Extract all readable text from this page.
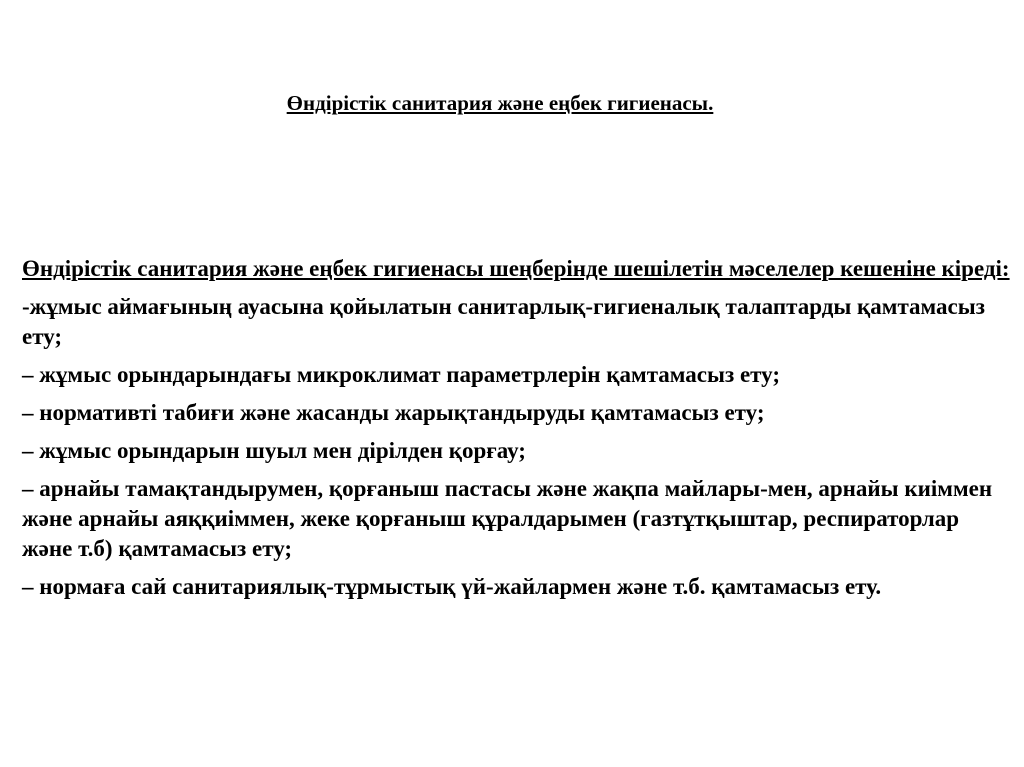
Өндірістік санитария және еңбек гигиенасы.

Өндірістік санитария және еңбек гигиенасы шеңберінде шешілетін мәселелер кешеніне кіреді:

-жұмыс аймағының ауасына қойылатын санитарлық-гигиеналық талаптарды қамтамасыз ету;

– жұмыс орындарындағы микроклимат параметрлерін қамтамасыз ету;

– нормативті табиғи және жасанды жарықтандыруды қамтамасыз ету;

– жұмыс орындарын шуыл мен дірілден қорғау;

– арнайы тамақтандырумен, қорғаныш пастасы және жақпа майлары-мен, арнайы киіммен және арнайы аяққиіммен, жеке қорғаныш құралдарымен (газтұтқыштар, респираторлар және т.б) қамтамасыз ету;

– нормаға сай санитариялық-тұрмыстық үй-жайлармен және т.б. қамтамасыз ету.
